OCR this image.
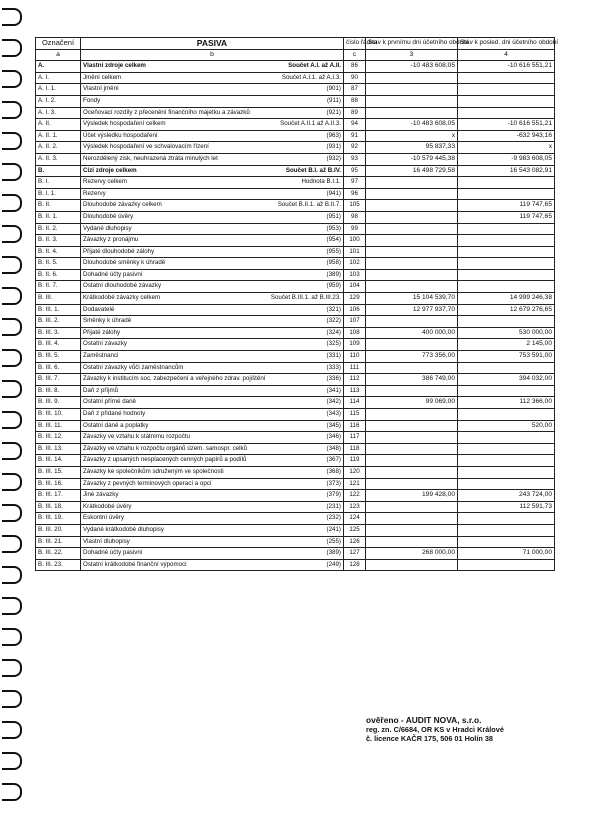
Označení	PASIVA	číslo řádku	Stav k prvnímu dni účetního období	Stav k posled. dni účetního období
a	b	c	3	4
A.	Vlastní zdroje celkem Součet A.I. až A.II.	86	-10 483 608,05	-10 616 551,21
A. I.	Jmění celkem Součet A.I.1. až A.I.3.	90		
A. I. 1.	Vlastní jmění (901)	87		
A. I. 2.	Fondy (911)	88		
A. I. 3.	Oceňovací rozdíly z přecenění finančního majetku a závazků (921)	89		
A. II.	Výsledek hospodaření celkem Součet A.II.1 až A.II.3.	94	-10 483 608,05	-10 616 551,21
A. II. 1.	Účet výsledku hospodaření (963)	91	x	-632 943,16
A. II. 2.	Výsledek hospodaření ve schvalovacím řízení (931)	92	95 837,33	x
A. II. 3.	Nerozdělený zisk, neuhrazená ztráta minulých let (932)	93	-10 579 445,38	-9 983 608,05
B.	Cizí zdroje celkem Součet B.I. až B.IV.	95	16 498 729,58	16 543 082,91
B. I.	Rezervy celkem Hodnota B.I.1.	97		
B. I. 1.	Rezervy (941)	96		
B. II.	Dlouhodobé závazky celkem Součet B.II.1. až B.II.7.	105		119 747,65
B. II. 1.	Dlouhodobé úvěry (951)	98		119 747,65
B. II. 2.	Vydané dluhopisy (953)	99		
B. II. 3.	Závazky z pronájmu (954)	100		
B. II. 4.	Přijaté dlouhodobé zálohy (955)	101		
B. II. 5.	Dlouhodobé směnky k úhradě (958)	102		
B. II. 6.	Dohadné účty pasivní (389)	103		
B. II. 7.	Ostatní dlouhodobé závazky (959)	104		
B. III.	Krátkodobé závazky celkem Součet B.III.1. až B.III.23.	129	15 104 539,70	14 999 246,38
B. III. 1.	Dodavatelé (321)	106	12 977 937,70	12 679 276,65
B. III. 2.	Směnky k úhradě (322)	107		
B. III. 3.	Přijaté zálohy (324)	108	400 000,00	530 000,00
B. III. 4.	Ostatní závazky (325)	109		2 145,00
B. III. 5.	Zaměstnanci (331)	110	773 356,00	753 591,00
B. III. 6.	Ostatní závazky vůči zaměstnancům (333)	111		
B. III. 7.	Závazky k institucím soc. zabezpečení a veřejného zdrav. pojištění (336)	112	386 749,00	394 032,00
B. III. 8.	Daň z příjmů (341)	113		
B. III. 9.	Ostatní přímé daně (342)	114	99 069,00	112 366,00
B. III. 10.	Daň z přidané hodnoty (343)	115		
B. III. 11.	Ostatní daně a poplatky (345)	116		520,00
B. III. 12.	Závazky ve vztahu k státnímu rozpočtu (346)	117		
B. III. 13.	Závazky ve vztahu k rozpočtu orgánů územ. samospr. celků (348)	118		
B. III. 14.	Závazky z upsaných nesplacených cenných papírů a podílů (367)	119		
B. III. 15.	Závazky ke společníkům sdruženým ve společnosti (368)	120		
B. III. 16.	Závazky z pevných terminových operací a opcí (373)	121		
B. III. 17.	Jiné závazky (379)	122	199 428,00	243 724,00
B. III. 18.	Krátkodobé úvěry (231)	123		112 591,73
B. III. 19.	Eskontní úvěry (232)	124		
B. III. 20.	Vydané krátkodobé dluhopisy (241)	125		
B. III. 21.	Vlastní dluhopisy (255)	126		
B. III. 22.	Dohadné účty pasivní (389)	127	268 000,00	71 000,00
B. III. 23.	Ostatní krátkodobé finanční výpomoci (249)	128		
ověřeno - AUDIT NOVA, s.r.o.
reg. zn. C/6684, OR KS v Hradci Králové
č. licence KAČR 175, 506 01 Holín 38
